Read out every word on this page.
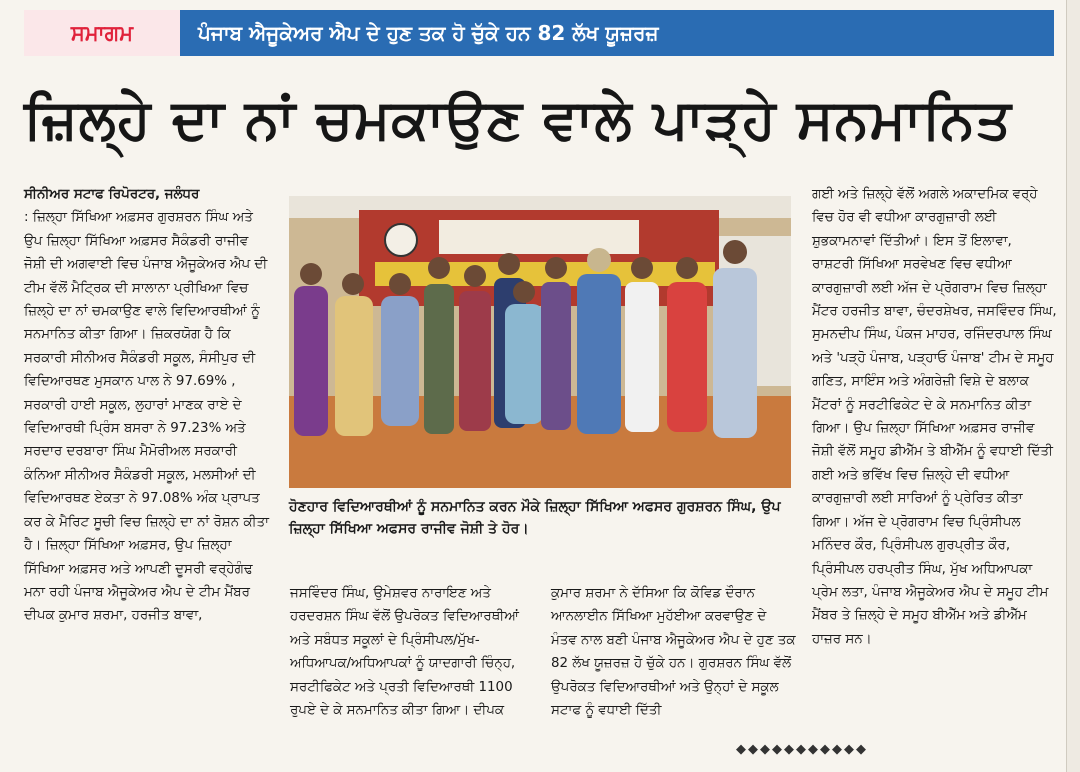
ਸਮਾਗਮ	ਪੰਜਾਬ ਐਜੂਕੇਅਰ ਐਪ ਦੇ ਹੁਣ ਤਕ ਹੋ ਚੁੱਕੇ ਹਨ 82 ਲੱਖ ਯੂਜ਼ਰਜ਼
ਜ਼ਿਲ੍ਹੇ ਦਾ ਨਾਂ ਚਮਕਾਉਣ ਵਾਲੇ ਪਾੜ੍ਹੇ ਸਨਮਾਨਿਤ

ਸੀਨੀਅਰ ਸਟਾਫ ਰਿਪੋਰਟਰ, ਜਲੰਧਰ
: ਜ਼ਿਲ੍ਹਾ ਸਿੱਖਿਆ ਅਫ਼ਸਰ ਗੁਰਸ਼ਰਨ ਸਿੰਘ ਅਤੇ ਉਪ ਜ਼ਿਲ੍ਹਾ ਸਿੱਖਿਆ ਅਫ਼ਸਰ ਸੈਕੰਡਰੀ ਰਾਜੀਵ ਜੋਸ਼ੀ ਦੀ ਅਗਵਾਈ ਵਿਚ ਪੰਜਾਬ ਐਜੂਕੇਅਰ ਐਪ ਦੀ ਟੀਮ ਵੱਲੋਂ ਮੈਟ੍ਰਿਕ ਦੀ ਸਾਲਾਨਾ ਪ੍ਰੀਖਿਆ ਵਿਚ ਜ਼ਿਲ੍ਹੇ ਦਾ ਨਾਂ ਚਮਕਾਉਣ ਵਾਲੇ ਵਿਦਿਆਰਥੀਆਂ ਨੂੰ ਸਨਮਾਨਿਤ ਕੀਤਾ ਗਿਆ। ਜ਼ਿਕਰਯੋਗ ਹੈ ਕਿ ਸਰਕਾਰੀ ਸੀਨੀਅਰ ਸੈਕੰਡਰੀ ਸਕੂਲ, ਸੰਸੀਪੁਰ ਦੀ ਵਿਦਿਆਰਥਣ ਮੁਸਕਾਨ ਪਾਲ ਨੇ 97.69% , ਸਰਕਾਰੀ ਹਾਈ ਸਕੂਲ, ਲੁਹਾਰਾਂ ਮਾਣਕ ਰਾਏ ਦੇ ਵਿਦਿਆਰਥੀ ਪ੍ਰਿੰਸ ਬਸਰਾ ਨੇ 97.23% ਅਤੇ ਸਰਦਾਰ ਦਰਬਾਰਾ ਸਿੰਘ ਮੈਮੋਰੀਅਲ ਸਰਕਾਰੀ ਕੰਨਿਆ ਸੀਨੀਅਰ ਸੈਕੰਡਰੀ ਸਕੂਲ, ਮਲਸੀਆਂ ਦੀ ਵਿਦਿਆਰਥਣ ਏਕਤਾ ਨੇ 97.08% ਅੰਕ ਪ੍ਰਾਪਤ ਕਰ ਕੇ ਮੈਰਿਟ ਸੂਚੀ ਵਿਚ ਜ਼ਿਲ੍ਹੇ ਦਾ ਨਾਂ ਰੋਸ਼ਨ ਕੀਤਾ ਹੈ। ਜ਼ਿਲ੍ਹਾ ਸਿੱਖਿਆ ਅਫ਼ਸਰ, ਉਪ ਜ਼ਿਲ੍ਹਾ ਸਿੱਖਿਆ ਅਫ਼ਸਰ ਅਤੇ ਆਪਣੀ ਦੂਸਰੀ ਵਰ੍ਹੇਗੰਢ ਮਨਾ ਰਹੀ ਪੰਜਾਬ ਐਜੂਕੇਅਰ ਐਪ ਦੇ ਟੀਮ ਮੈਂਬਰ ਦੀਪਕ ਕੁਮਾਰ ਸ਼ਰਮਾ, ਹਰਜੀਤ ਬਾਵਾ,

ਹੋਣਹਾਰ ਵਿਦਿਆਰਥੀਆਂ ਨੂੰ ਸਨਮਾਨਿਤ ਕਰਨ ਮੌਕੇ ਜ਼ਿਲ੍ਹਾ ਸਿੱਖਿਆ ਅਫਸਰ ਗੁਰਸ਼ਰਨ ਸਿੰਘ, ਉਪ ਜ਼ਿਲ੍ਹਾ ਸਿੱਖਿਆ ਅਫਸਰ ਰਾਜੀਵ ਜੋਸ਼ੀ ਤੇ ਹੋਰ।

ਜਸਵਿੰਦਰ ਸਿੰਘ, ਉਮੇਸ਼ਵਰ ਨਾਰਾਇਣ ਅਤੇ ਹਰਦਰਸ਼ਨ ਸਿੰਘ ਵੱਲੋਂ ਉਪਰੋਕਤ ਵਿਦਿਆਰਥੀਆਂ ਅਤੇ ਸਬੰਧਤ ਸਕੂਲਾਂ ਦੇ ਪ੍ਰਿੰਸੀਪਲ/ਮੁੱਖ-ਅਧਿਆਪਕ/ਅਧਿਆਪਕਾਂ ਨੂੰ ਯਾਦਗਾਰੀ ਚਿੰਨ੍ਹ, ਸਰਟੀਫਿਕੇਟ ਅਤੇ ਪ੍ਰਤੀ ਵਿਦਿਆਰਥੀ 1100 ਰੁਪਏ ਦੇ ਕੇ ਸਨਮਾਨਿਤ ਕੀਤਾ ਗਿਆ। ਦੀਪਕ

ਕੁਮਾਰ ਸ਼ਰਮਾ ਨੇ ਦੱਸਿਆ ਕਿ ਕੋਵਿਡ ਦੌਰਾਨ ਆਨਲਾਈਨ ਸਿੱਖਿਆ ਮੁਹੱਈਆ ਕਰਵਾਉਣ ਦੇ ਮੰਤਵ ਨਾਲ ਬਣੀ ਪੰਜਾਬ ਐਜੂਕੇਅਰ ਐਪ ਦੇ ਹੁਣ ਤਕ 82 ਲੱਖ ਯੂਜ਼ਰਜ਼ ਹੋ ਚੁੱਕੇ ਹਨ। ਗੁਰਸ਼ਰਨ ਸਿੰਘ ਵੱਲੋਂ ਉਪਰੋਕਤ ਵਿਦਿਆਰਥੀਆਂ ਅਤੇ ਉਨ੍ਹਾਂ ਦੇ ਸਕੂਲ ਸਟਾਫ ਨੂੰ ਵਧਾਈ ਦਿੱਤੀ

ਗਈ ਅਤੇ ਜ਼ਿਲ੍ਹੇ ਵੱਲੋਂ ਅਗਲੇ ਅਕਾਦਮਿਕ ਵਰ੍ਹੇ ਵਿਚ ਹੋਰ ਵੀ ਵਧੀਆ ਕਾਰਗੁਜ਼ਾਰੀ ਲਈ ਸ਼ੁਭਕਾਮਨਾਵਾਂ ਦਿੱਤੀਆਂ। ਇਸ ਤੋਂ ਇਲਾਵਾ, ਰਾਸ਼ਟਰੀ ਸਿੱਖਿਆ ਸਰਵੇਖਣ ਵਿਚ ਵਧੀਆ ਕਾਰਗੁਜ਼ਾਰੀ ਲਈ ਅੱਜ ਦੇ ਪ੍ਰੋਗਰਾਮ ਵਿਚ ਜ਼ਿਲ੍ਹਾ ਮੈਂਟਰ ਹਰਜੀਤ ਬਾਵਾ, ਚੰਦਰਸ਼ੇਖਰ, ਜਸਵਿੰਦਰ ਸਿੰਘ, ਸੁਮਨਦੀਪ ਸਿੰਘ, ਪੰਕਜ ਮਾਹਰ, ਰਜਿੰਦਰਪਾਲ ਸਿੰਘ ਅਤੇ 'ਪੜ੍ਹੋ ਪੰਜਾਬ, ਪੜ੍ਹਾਓ ਪੰਜਾਬ' ਟੀਮ ਦੇ ਸਮੂਹ ਗਣਿਤ, ਸਾਇੰਸ ਅਤੇ ਅੰਗਰੇਜ਼ੀ ਵਿਸ਼ੇ ਦੇ ਬਲਾਕ ਮੈਂਟਰਾਂ ਨੂੰ ਸਰਟੀਫਿਕੇਟ ਦੇ ਕੇ ਸਨਮਾਨਿਤ ਕੀਤਾ ਗਿਆ। ਉਪ ਜ਼ਿਲ੍ਹਾ ਸਿੱਖਿਆ ਅਫ਼ਸਰ ਰਾਜੀਵ ਜੋਸ਼ੀ ਵੱਲੋਂ ਸਮੂਹ ਡੀਐੱਮ ਤੇ ਬੀਐੱਮ ਨੂੰ ਵਧਾਈ ਦਿੱਤੀ ਗਈ ਅਤੇ ਭਵਿੱਖ ਵਿਚ ਜ਼ਿਲ੍ਹੇ ਦੀ ਵਧੀਆ ਕਾਰਗੁਜ਼ਾਰੀ ਲਈ ਸਾਰਿਆਂ ਨੂੰ ਪ੍ਰੇਰਿਤ ਕੀਤਾ ਗਿਆ। ਅੱਜ ਦੇ ਪ੍ਰੋਗਰਾਮ ਵਿਚ ਪ੍ਰਿੰਸੀਪਲ ਮਨਿੰਦਰ ਕੌਰ, ਪ੍ਰਿੰਸੀਪਲ ਗੁਰਪ੍ਰੀਤ ਕੌਰ, ਪ੍ਰਿੰਸੀਪਲ ਹਰਪ੍ਰੀਤ ਸਿੰਘ, ਮੁੱਖ ਅਧਿਆਪਕਾ ਪ੍ਰੇਮ ਲਤਾ, ਪੰਜਾਬ ਐਜੂਕੇਅਰ ਐਪ ਦੇ ਸਮੂਹ ਟੀਮ ਮੈਂਬਰ ਤੇ ਜ਼ਿਲ੍ਹੇ ਦੇ ਸਮੂਹ ਬੀਐੱਮ ਅਤੇ ਡੀਐੱਮ ਹਾਜ਼ਰ ਸਨ।

◆◆◆◆◆◆◆◆◆◆◆
